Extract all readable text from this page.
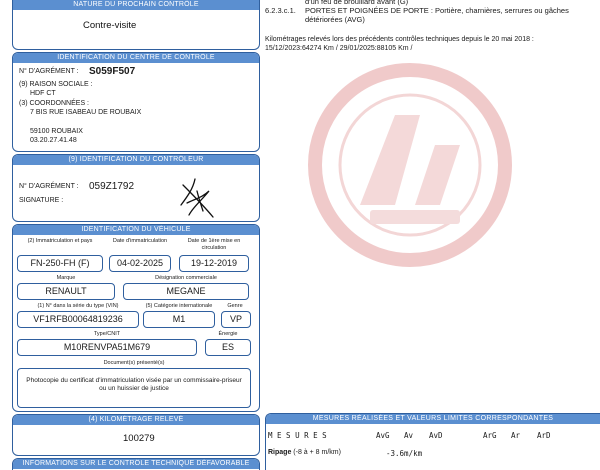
NATURE DU PROCHAIN CONTRÔLE
Contre-visite
IDENTIFICATION DU CENTRE DE CONTRÔLE
N° D'AGRÉMENT : S059F507
(9) RAISON SOCIALE :
HDF CT
(3) COORDONNÉES :
7 BIS RUE ISABEAU DE ROUBAIX
59100 ROUBAIX
03.20.27.41.48
(9) IDENTIFICATION DU CONTRÔLEUR
N° D'AGRÉMENT : 059Z1792
SIGNATURE :
IDENTIFICATION DU VÉHICULE
(2) Immatriculation et pays	Date d'immatriculation	Date de 1ère mise en circulation
FN-250-FH (F)	04-02-2025	19-12-2019
Marque	Désignation commerciale
RENAULT	MEGANE
(1) N° dans la série du type (VIN)	(5) Catégorie internationale	Genre
VF1RFB00064819236	M1	VP
Type/CNIT	Énergie
M10RENVPA51M679	ES
Document(s) présenté(s)
Photocopie du certificat d'immatriculation visée par un commissaire-priseur ou un huissier de justice
(4) KILOMÉTRAGE RELEVÉ
100279
INFORMATIONS SUR LE CONTRÔLE TECHNIQUE DÉFAVORABLE
d'un feu de brouillard avant (G)
6.2.3.c.1. PORTES ET POIGNÉES DE PORTE : Portière, charnières, serrures ou gâches détériorées (AVG)
Kilométrages relevés lors des précédents contrôles techniques depuis le 20 mai 2018 :
15/12/2023:64274 Km / 29/01/2025:88105 Km /
MESURES RÉALISÉES ET VALEURS LIMITES CORRESPONDANTES
M E S U R E S	AvG Av AvD	ArG Ar ArD
Ripage (-8 à + 8 m/km)	-3.6m/km
